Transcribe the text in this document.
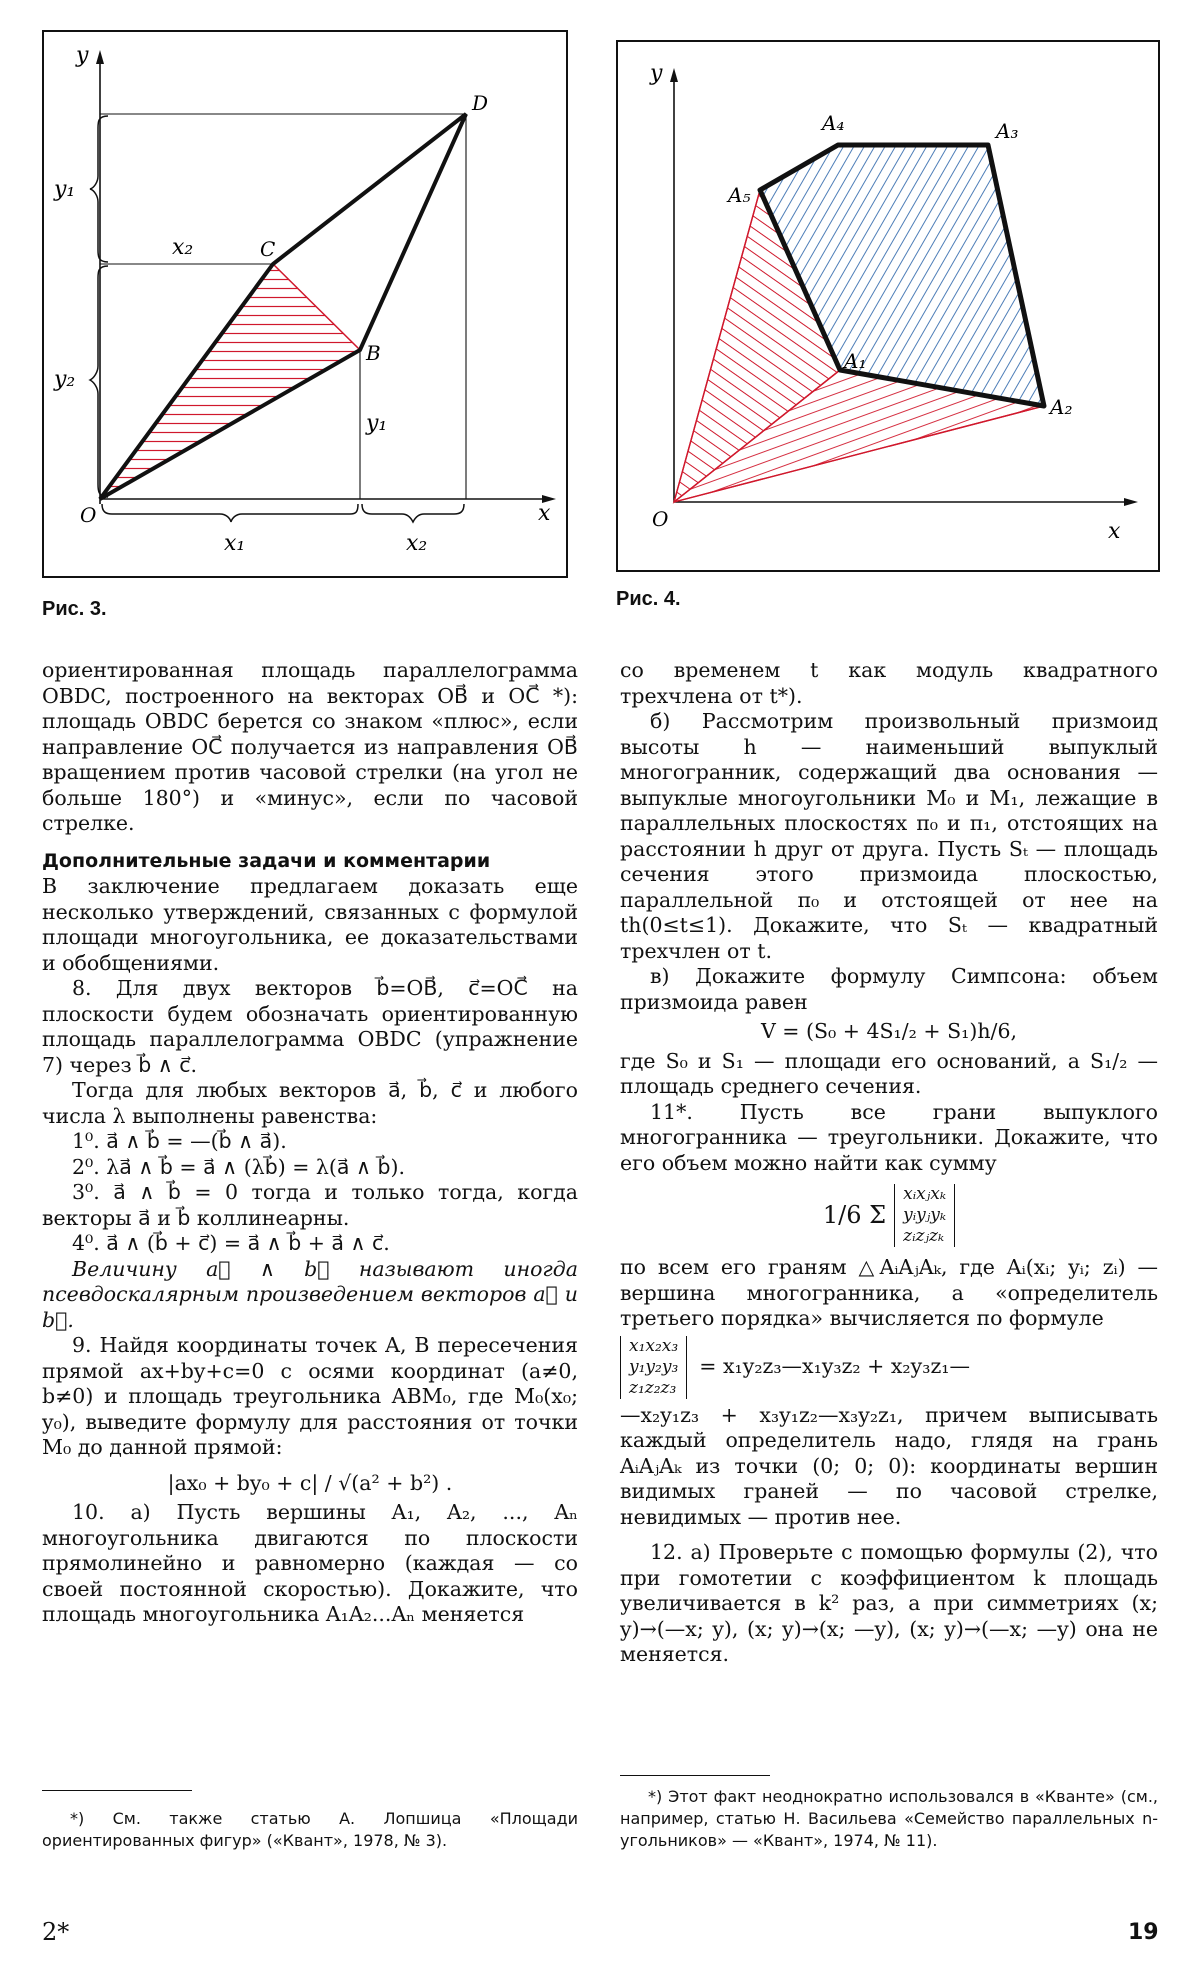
y
x
O
D
C
B
x₂
y₁
y₂
y₁
x₁	x₂
Рис. 3.
y
x
O
A₁
A₂
A₃
A₄
A₅
Рис. 4.

ориентированная площадь параллелограмма OBDC, построенного на векторах OB⃗ и OC⃗ *): площадь OBDC берется со знаком «плюс», если направление OC⃗ получается из направления OB⃗ вращением против часовой стрелки (на угол не больше 180°) и «минус», если по часовой стрелке.

Дополнительные задачи и комментарии

В заключение предлагаем доказать еще несколько утверждений, связанных с формулой площади многоугольника, ее доказательствами и обобщениями.

8. Для двух векторов b⃗=OB⃗, c⃗=OC⃗ на плоскости будем обозначать ориентированную площадь параллелограмма OBDC (упражнение 7) через b⃗ ∧ c⃗.

Тогда для любых векторов a⃗, b⃗, c⃗ и любого числа λ выполнены равенства:

1⁰. a⃗ ∧ b⃗ = —(b⃗ ∧ a⃗).

2⁰. λa⃗ ∧ b⃗ = a⃗ ∧ (λb⃗) = λ(a⃗ ∧ b⃗).

3⁰. a⃗ ∧ b⃗ = 0 тогда и только тогда, когда векторы a⃗ и b⃗ коллинеарны.

4⁰. a⃗ ∧ (b⃗ + c⃗) = a⃗ ∧ b⃗ + a⃗ ∧ c⃗.

Величину a⃗ ∧ b⃗ называют иногда псевдоскалярным произведением векторов a⃗ и b⃗.

9. Найдя координаты точек A, B пересечения прямой ax+by+c=0 с осями координат (a≠0, b≠0) и площадь треугольника ABM₀, где M₀(x₀; y₀), выведите формулу для расстояния от точки M₀ до данной прямой:

|ax₀ + by₀ + c| / √(a² + b²) .

10. а) Пусть вершины A₁, A₂, ..., Aₙ многоугольника двигаются по плоскости прямолинейно и равномерно (каждая — со своей постоянной скоростью). Докажите, что площадь многоугольника A₁A₂...Aₙ меняется

со временем t как модуль квадратного трехчлена от t*).

б) Рассмотрим произвольный призмоид высоты h — наименьший выпуклый многогранник, содержащий два основания — выпуклые многоугольники M₀ и M₁, лежащие в параллельных плоскостях π₀ и π₁, отстоящих на расстоянии h друг от друга. Пусть Sₜ — площадь сечения этого призмоида плоскостью, параллельной π₀ и отстоящей от нее на th(0≤t≤1). Докажите, что Sₜ — квадратный трехчлен от t.

в) Докажите формулу Симпсона: объем призмоида равен

V = (S₀ + 4S₁/₂ + S₁)h/6,

где S₀ и S₁ — площади его оснований, а S₁/₂ — площадь среднего сечения.

11*. Пусть все грани выпуклого многогранника — треугольники. Докажите, что его объем можно найти как сумму

1/6 Σ
xᵢxⱼxₖ
yᵢyⱼyₖ
zᵢzⱼzₖ

по всем его граням △AᵢAⱼAₖ, где Aᵢ(xᵢ; yᵢ; zᵢ) — вершина многогранника, а «определитель третьего порядка» вычисляется по формуле

x₁x₂x₃
y₁y₂y₃
z₁z₂z₃
= x₁y₂z₃—x₁y₃z₂ + x₂y₃z₁—

—x₂y₁z₃ + x₃y₁z₂—x₃y₂z₁, причем выписывать каждый определитель надо, глядя на грань AᵢAⱼAₖ из точки (0; 0; 0): координаты вершин видимых граней — по часовой стрелке, невидимых — против нее.

12. а) Проверьте с помощью формулы (2), что при гомотетии с коэффициентом k площадь увеличивается в k² раз, а при симметриях (x; y)→(—x; y), (x; y)→(x; —y), (x; y)→(—x; —y) она не меняется.

*) См. также статью А. Лопшица «Площади ориентированных фигур» («Квант», 1978, № 3).

*) Этот факт неоднократно использовался в «Кванте» (см., например, статью Н. Васильева «Семейство параллельных n-угольников» — «Квант», 1974, № 11).

2*	19
